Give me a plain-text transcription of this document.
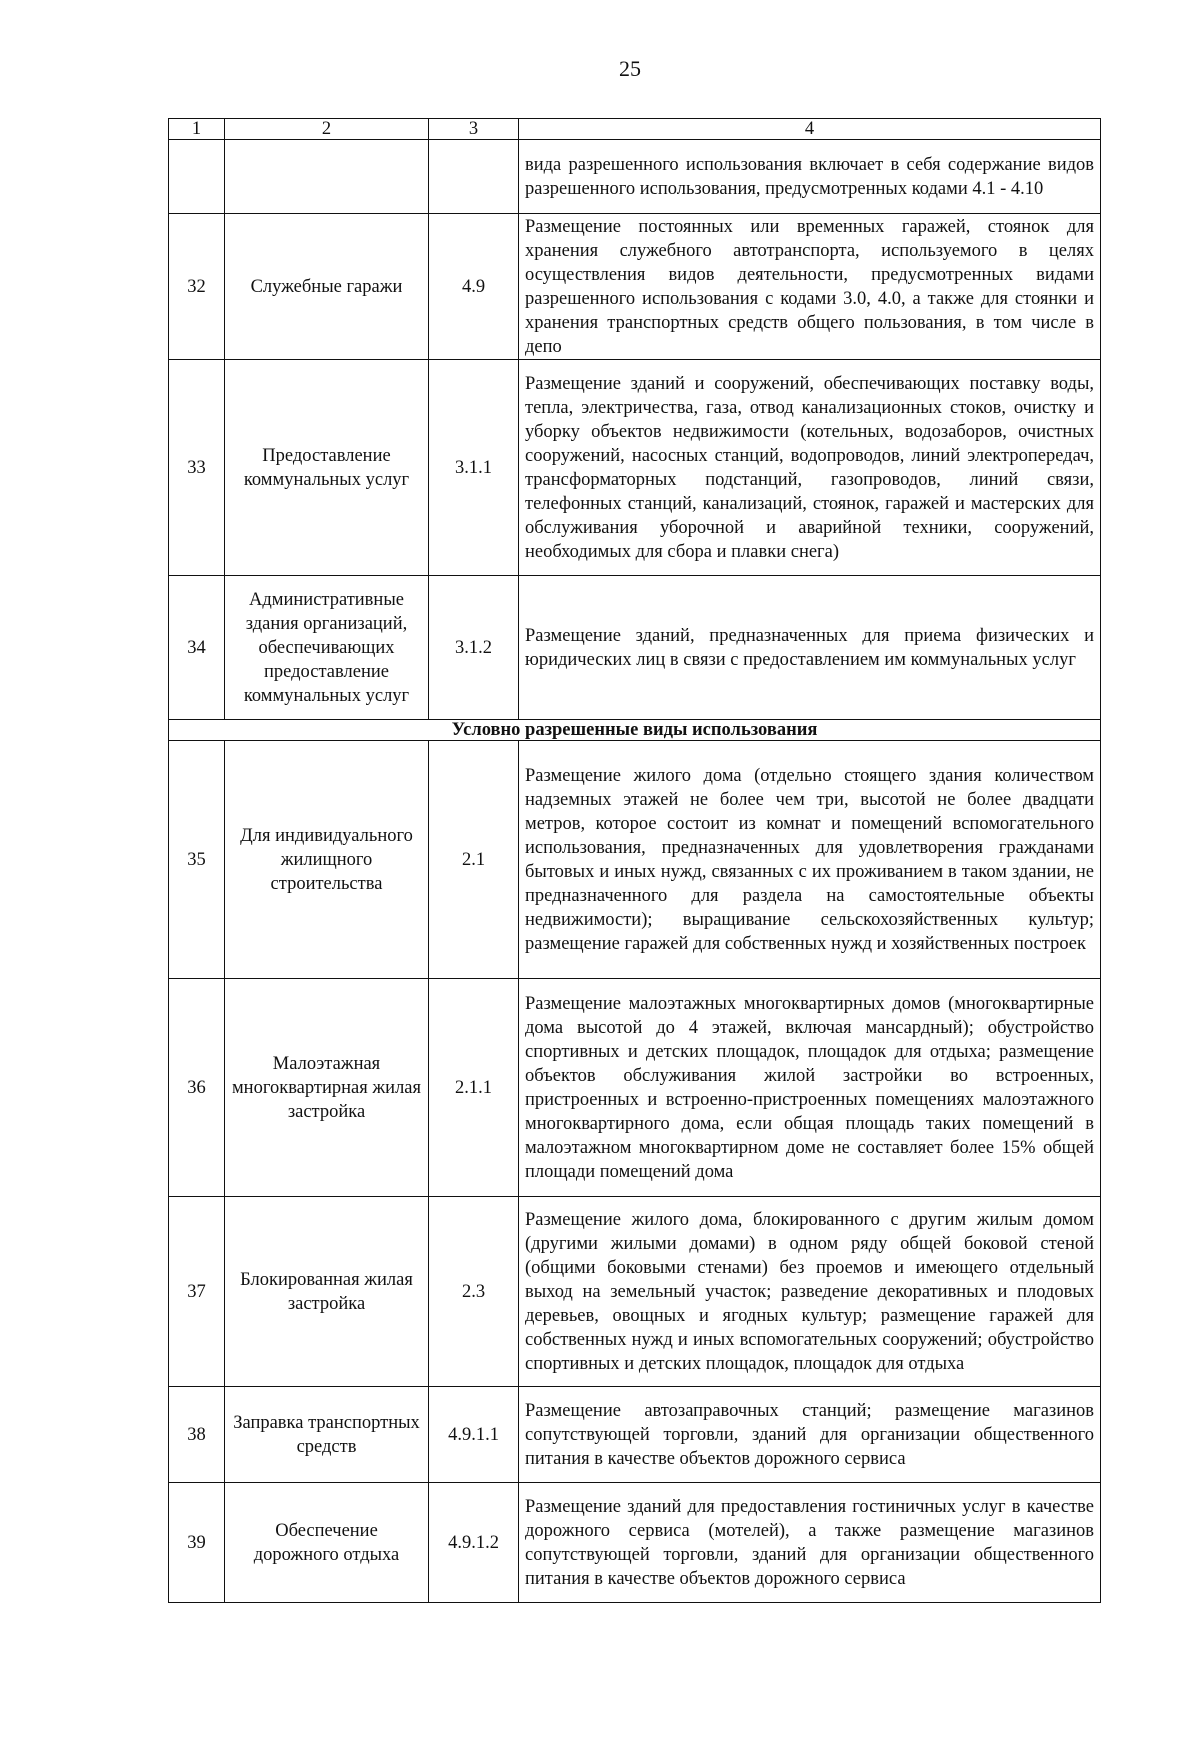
25
1	2	3	4
			вида разрешенного использования включает в себя содержание видов разрешенного использования, предусмотренных кодами 4.1 - 4.10
32	Служебные гаражи	4.9	Размещение постоянных или временных гаражей, стоянок для хранения служебного автотранспорта, используемого в целях осуществления видов деятельности, предусмотренных видами разрешенного использования с кодами 3.0, 4.0, а также для стоянки и хранения транспортных средств общего пользования, в том числе в депо
33	Предоставление коммунальных услуг	3.1.1	Размещение зданий и сооружений, обеспечивающих поставку воды, тепла, электричества, газа, отвод канализационных стоков, очистку и уборку объектов недвижимости (котельных, водозаборов, очистных сооружений, насосных станций, водопроводов, линий электропередач, трансформаторных подстанций, газопроводов, линий связи, телефонных станций, канализаций, стоянок, гаражей и мастерских для обслуживания уборочной и аварийной техники, сооружений, необходимых для сбора и плавки снега)
34	Административные здания организаций, обеспечивающих предоставление коммунальных услуг	3.1.2	Размещение зданий, предназначенных для приема физических и юридических лиц в связи с предоставлением им коммунальных услуг
Условно разрешенные виды использования			
35	Для индивидуального жилищного строительства	2.1	Размещение жилого дома (отдельно стоящего здания количеством надземных этажей не более чем три, высотой не более двадцати метров, которое состоит из комнат и помещений вспомогательного использования, предназначенных для удовлетворения гражданами бытовых и иных нужд, связанных с их проживанием в таком здании, не предназначенного для раздела на самостоятельные объекты недвижимости); выращивание сельскохозяйственных культур; размещение гаражей для собственных нужд и хозяйственных построек
36	Малоэтажная многоквартирная жилая застройка	2.1.1	Размещение малоэтажных многоквартирных домов (многоквартирные дома высотой до 4 этажей, включая мансардный); обустройство спортивных и детских площадок, площадок для отдыха; размещение объектов обслуживания жилой застройки во встроенных, пристроенных и встроенно-пристроенных помещениях малоэтажного многоквартирного дома, если общая площадь таких помещений в малоэтажном многоквартирном доме не составляет более 15% общей площади помещений дома
37	Блокированная жилая застройка	2.3	Размещение жилого дома, блокированного с другим жилым домом (другими жилыми домами) в одном ряду общей боковой стеной (общими боковыми стенами) без проемов и имеющего отдельный выход на земельный участок; разведение декоративных и плодовых деревьев, овощных и ягодных культур; размещение гаражей для собственных нужд и иных вспомогательных сооружений; обустройство спортивных и детских площадок, площадок для отдыха
38	Заправка транспортных средств	4.9.1.1	Размещение автозаправочных станций; размещение магазинов сопутствующей торговли, зданий для организации общественного питания в качестве объектов дорожного сервиса
39	Обеспечение дорожного отдыха	4.9.1.2	Размещение зданий для предоставления гостиничных услуг в качестве дорожного сервиса (мотелей), а также размещение магазинов сопутствующей торговли, зданий для организации общественного питания в качестве объектов дорожного сервиса
